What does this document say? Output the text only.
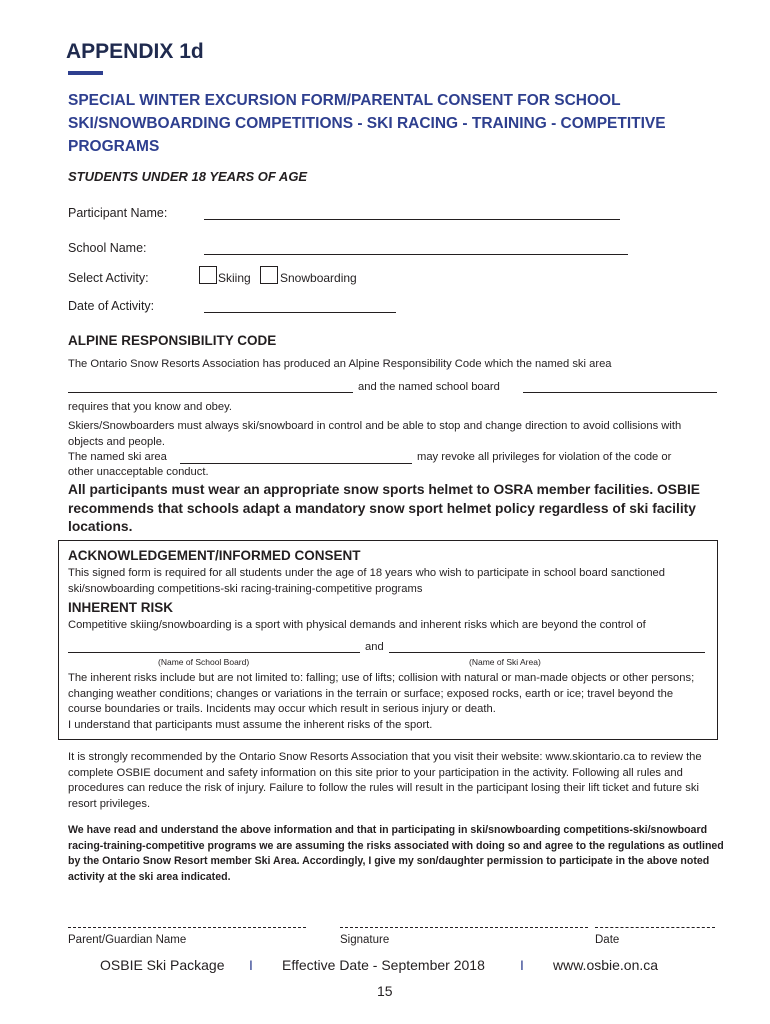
APPENDIX 1d
SPECIAL WINTER EXCURSION FORM/PARENTAL CONSENT FOR SCHOOL SKI/SNOWBOARDING COMPETITIONS - SKI RACING - TRAINING - COMPETITIVE PROGRAMS
STUDENTS UNDER 18 YEARS OF AGE
Participant Name:
School Name:
Select Activity:	Skiing Snowboarding
Date of Activity:
ALPINE RESPONSIBILITY CODE
The Ontario Snow Resorts Association has produced an Alpine Responsibility Code which the named ski area
and the named school board
requires that you know and obey.
Skiers/Snowboarders must always ski/snowboard in control and be able to stop and change direction to avoid collisions with objects and people.
The named ski area	may revoke all privileges for violation of the code or
other unacceptable conduct.
All participants must wear an appropriate snow sports helmet to OSRA member facilities. OSBIE recommends that schools adapt a mandatory snow sport helmet policy regardless of ski facility locations.
ACKNOWLEDGEMENT/INFORMED CONSENT
This signed form is required for all students under the age of 18 years who wish to participate in school board sanctioned ski/snowboarding competitions-ski racing-training-competitive programs
INHERENT RISK
Competitive skiing/snowboarding is a sport with physical demands and inherent risks which are beyond the control of
and
(Name of School Board)	(Name of Ski Area)
The inherent risks include but are not limited to: falling; use of lifts; collision with natural or man-made objects or other persons; changing weather conditions; changes or variations in the terrain or surface; exposed rocks, earth or ice; travel beyond the course boundaries or trails. Incidents may occur which result in serious injury or death.
I understand that participants must assume the inherent risks of the sport.
It is strongly recommended by the Ontario Snow Resorts Association that you visit their website: www.skiontario.ca to review the complete OSBIE document and safety information on this site prior to your participation in the activity. Following all rules and procedures can reduce the risk of injury. Failure to follow the rules will result in the participant losing their lift ticket and future ski resort privileges.
We have read and understand the above information and that in participating in ski/snowboarding competitions-ski/snowboard racing-training-competitive programs we are assuming the risks associated with doing so and agree to the regulations as outlined by the Ontario Snow Resort member Ski Area. Accordingly, I give my son/daughter permission to participate in the above noted activity at the ski area indicated.
Parent/Guardian Name	Signature	Date
OSBIE Ski Package I Effective Date - September 2018	I www.osbie.on.ca
15
